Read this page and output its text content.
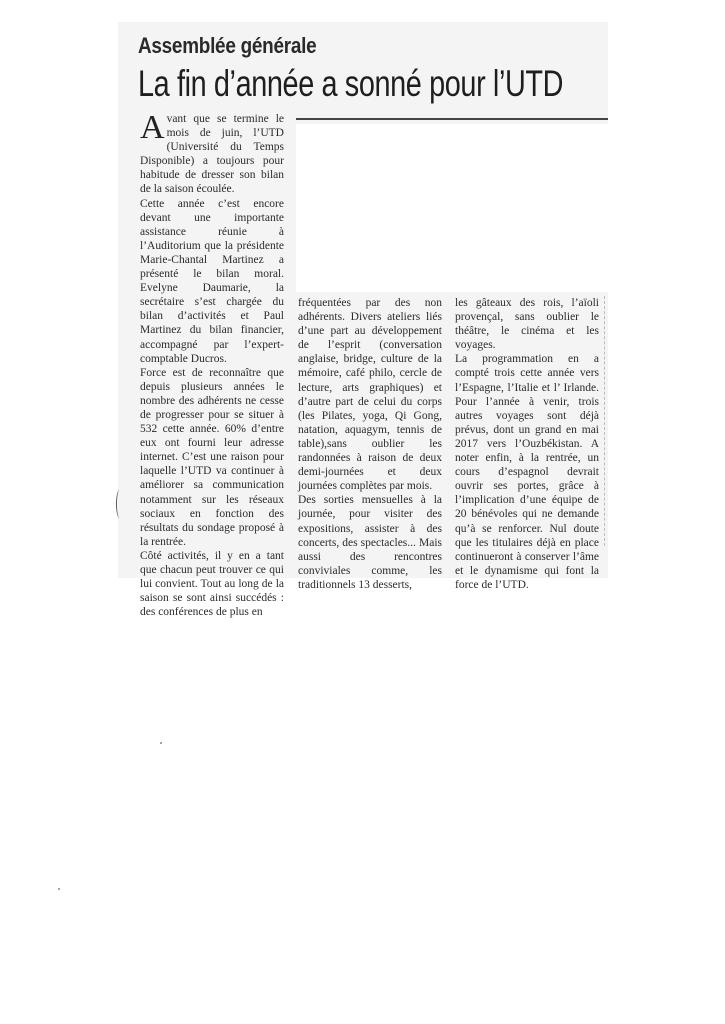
Assemblée générale
La fin d’année a sonné pour l’UTD
Avant que se termine le mois de juin, l’UTD (Université du Temps Disponible) a toujours pour habitude de dresser son bilan de la saison écoulée.
Cette année c’est encore devant une importante assistance réunie à l’Auditorium que la présidente Marie-Chantal Martinez a présenté le bilan moral. Evelyne Daumarie, la secrétaire s’est chargée du bilan d’activités et Paul Martinez du bilan financier, accompagné par l’expert-comptable Ducros.
Force est de reconnaître que depuis plusieurs années le nombre des adhérents ne cesse de progresser pour se situer à 532 cette année. 60% d’entre eux ont fourni leur adresse internet. C’est une raison pour laquelle l’UTD va continuer à améliorer sa communication notamment sur les réseaux sociaux en fonction des résultats du sondage proposé à la rentrée.
Côté activités, il y en a tant que chacun peut trouver ce qui lui convient. Tout au long de la saison se sont ainsi succédés : des conférences de plus en
fréquentées par des non adhérents. Divers ateliers liés d’une part au développement de l’esprit (conversation anglaise, bridge, culture de la mémoire, café philo, cercle de lecture, arts graphiques) et d’autre part de celui du corps (les Pilates, yoga, Qi Gong, natation, aquagym, tennis de table),sans oublier les randonnées à raison de deux demi-journées et deux journées complètes par mois.
Des sorties mensuelles à la journée, pour visiter des expositions, assister à des concerts, des spectacles... Mais aussi des rencontres conviviales comme, les traditionnels 13 desserts,
les gâteaux des rois, l’aïoli provençal, sans oublier le théâtre, le cinéma et les voyages.
La programmation en a compté trois cette année vers l’Espagne, l’Italie et l’ Irlande. Pour l’année à venir, trois autres voyages sont déjà prévus, dont un grand en mai 2017 vers l’Ouzbékistan. A noter enfin, à la rentrée, un cours d’espagnol devrait ouvrir ses portes, grâce à l’implication d’une équipe de 20 bénévoles qui ne demande qu’à se renforcer. Nul doute que les titulaires déjà en place continueront à conserver l’âme et le dynamisme qui font la force de l’UTD.
